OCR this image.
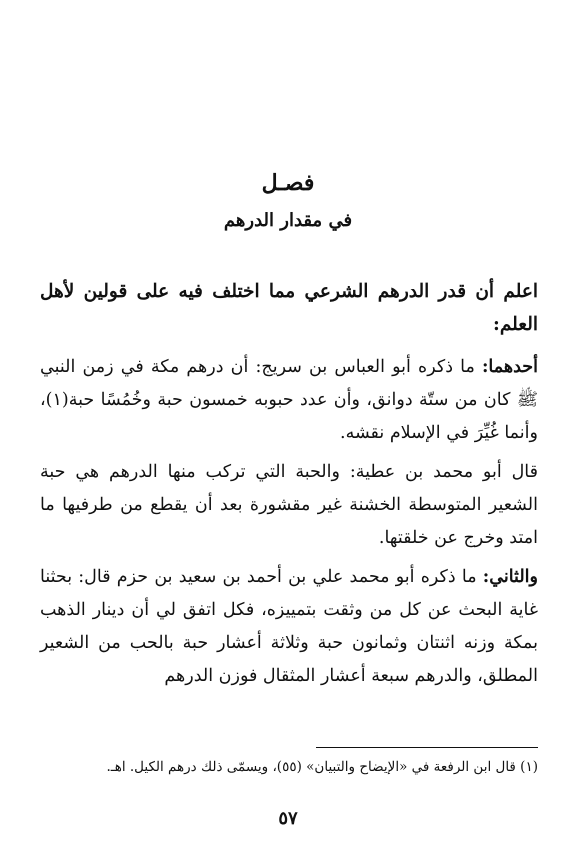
فصـل
في مقدار الدرهم

اعلم أن قدر الدرهم الشرعي مما اختلف فيه على قولين لأهل العلم:

أحدهما: ما ذكره أبو العباس بن سريج: أن درهم مكة في زمن النبي ﷺ كان من ستّة دوانق، وأن عدد حبوبه خمسون حبة وخُمُسًا حبة(١)، وأنما غُيِّرَ في الإسلام نقشه.

قال أبو محمد بن عطية: والحبة التي تركب منها الدرهم هي حبة الشعير المتوسطة الخشنة غير مقشورة بعد أن يقطع من طرفيها ما امتد وخرج عن خلقتها.

والثاني: ما ذكره أبو محمد علي بن أحمد بن سعيد بن حزم قال: بحثنا غاية البحث عن كل من وثقت بتمييزه، فكل اتفق لي أن دينار الذهب بمكة وزنه اثنتان وثمانون حبة وثلاثة أعشار حبة بالحب من الشعير المطلق، والدرهم سبعة أعشار المثقال فوزن الدرهم

(١) قال ابن الرفعة في «الإيضاح والتبيان» (٥٥)، ويسمّى ذلك درهم الكيل. اهـ.
٥٧
